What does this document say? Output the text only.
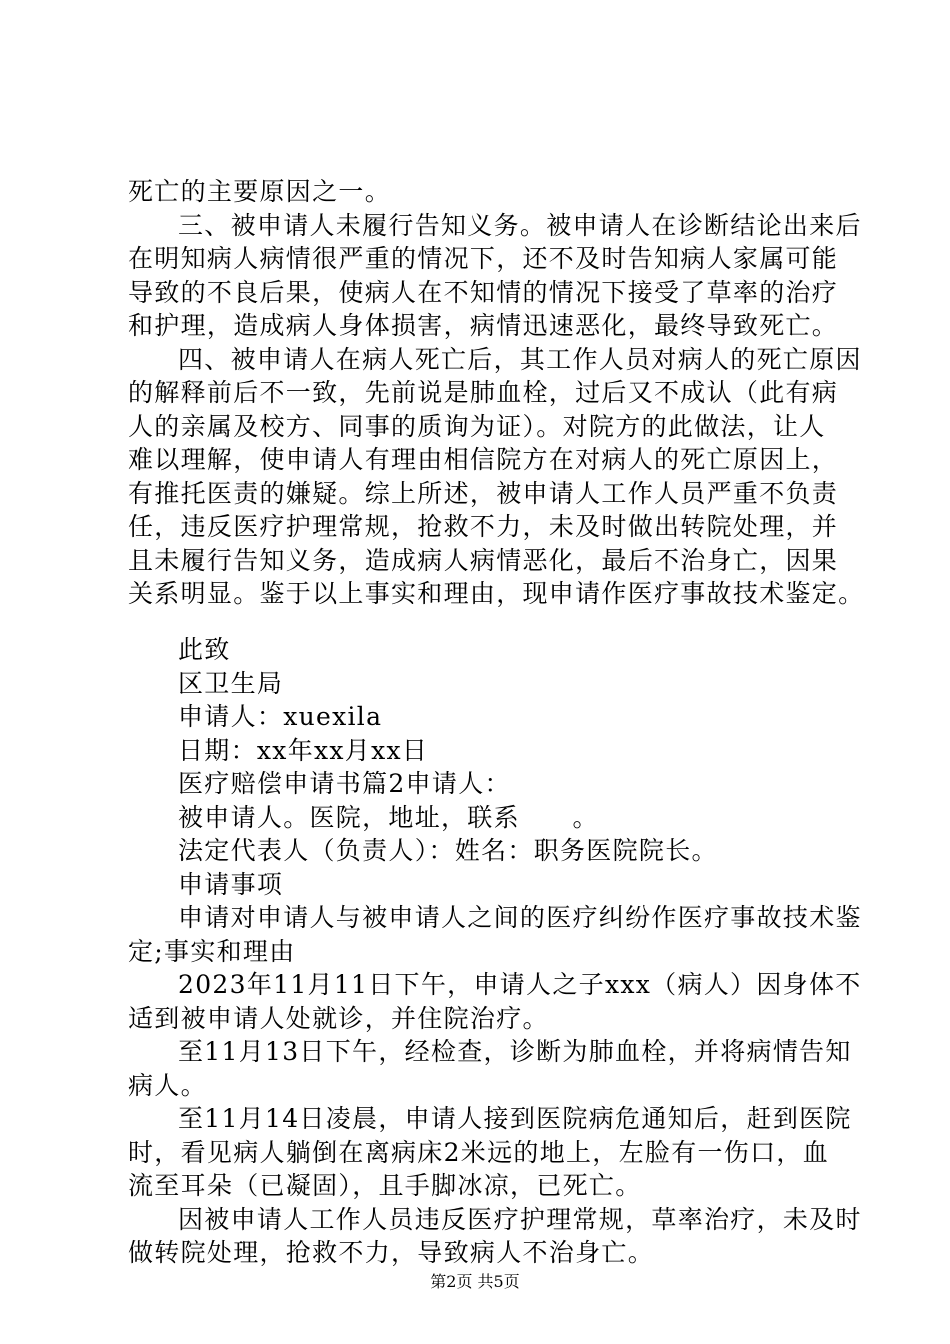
死亡的主要原因之一。
三、被申请人未履行告知义务。被申请人在诊断结论出来后
在明知病人病情很严重的情况下，还不及时告知病人家属可能
导致的不良后果，使病人在不知情的情况下接受了草率的治疗
和护理，造成病人身体损害，病情迅速恶化，最终导致死亡。
四、被申请人在病人死亡后，其工作人员对病人的死亡原因
的解释前后不一致，先前说是肺血栓，过后又不成认（此有病
人的亲属及校方、同事的质询为证）。对院方的此做法，让人
难以理解，使申请人有理由相信院方在对病人的死亡原因上，
有推托医责的嫌疑。综上所述，被申请人工作人员严重不负责
任，违反医疗护理常规，抢救不力，未及时做出转院处理，并
且未履行告知义务，造成病人病情恶化，最后不治身亡，因果
关系明显。鉴于以上事实和理由，现申请作医疗事故技术鉴定。
此致
区卫生局
申请人：xuexila
日期：xx年xx月xx日
医疗赔偿申请书篇2申请人：
被申请人。医院，地址，联系　　。
法定代表人（负责人）：姓名：职务医院院长。
申请事项
申请对申请人与被申请人之间的医疗纠纷作医疗事故技术鉴
定;事实和理由
2023年11月11日下午，申请人之子xxx（病人）因身体不
适到被申请人处就诊，并住院治疗。
至11月13日下午，经检查，诊断为肺血栓，并将病情告知
病人。
至11月14日凌晨，申请人接到医院病危通知后，赶到医院
时，看见病人躺倒在离病床2米远的地上，左脸有一伤口，血
流至耳朵（已凝固），且手脚冰凉，已死亡。
因被申请人工作人员违反医疗护理常规，草率治疗，未及时
做转院处理，抢救不力，导致病人不治身亡。
第2页 共5页
